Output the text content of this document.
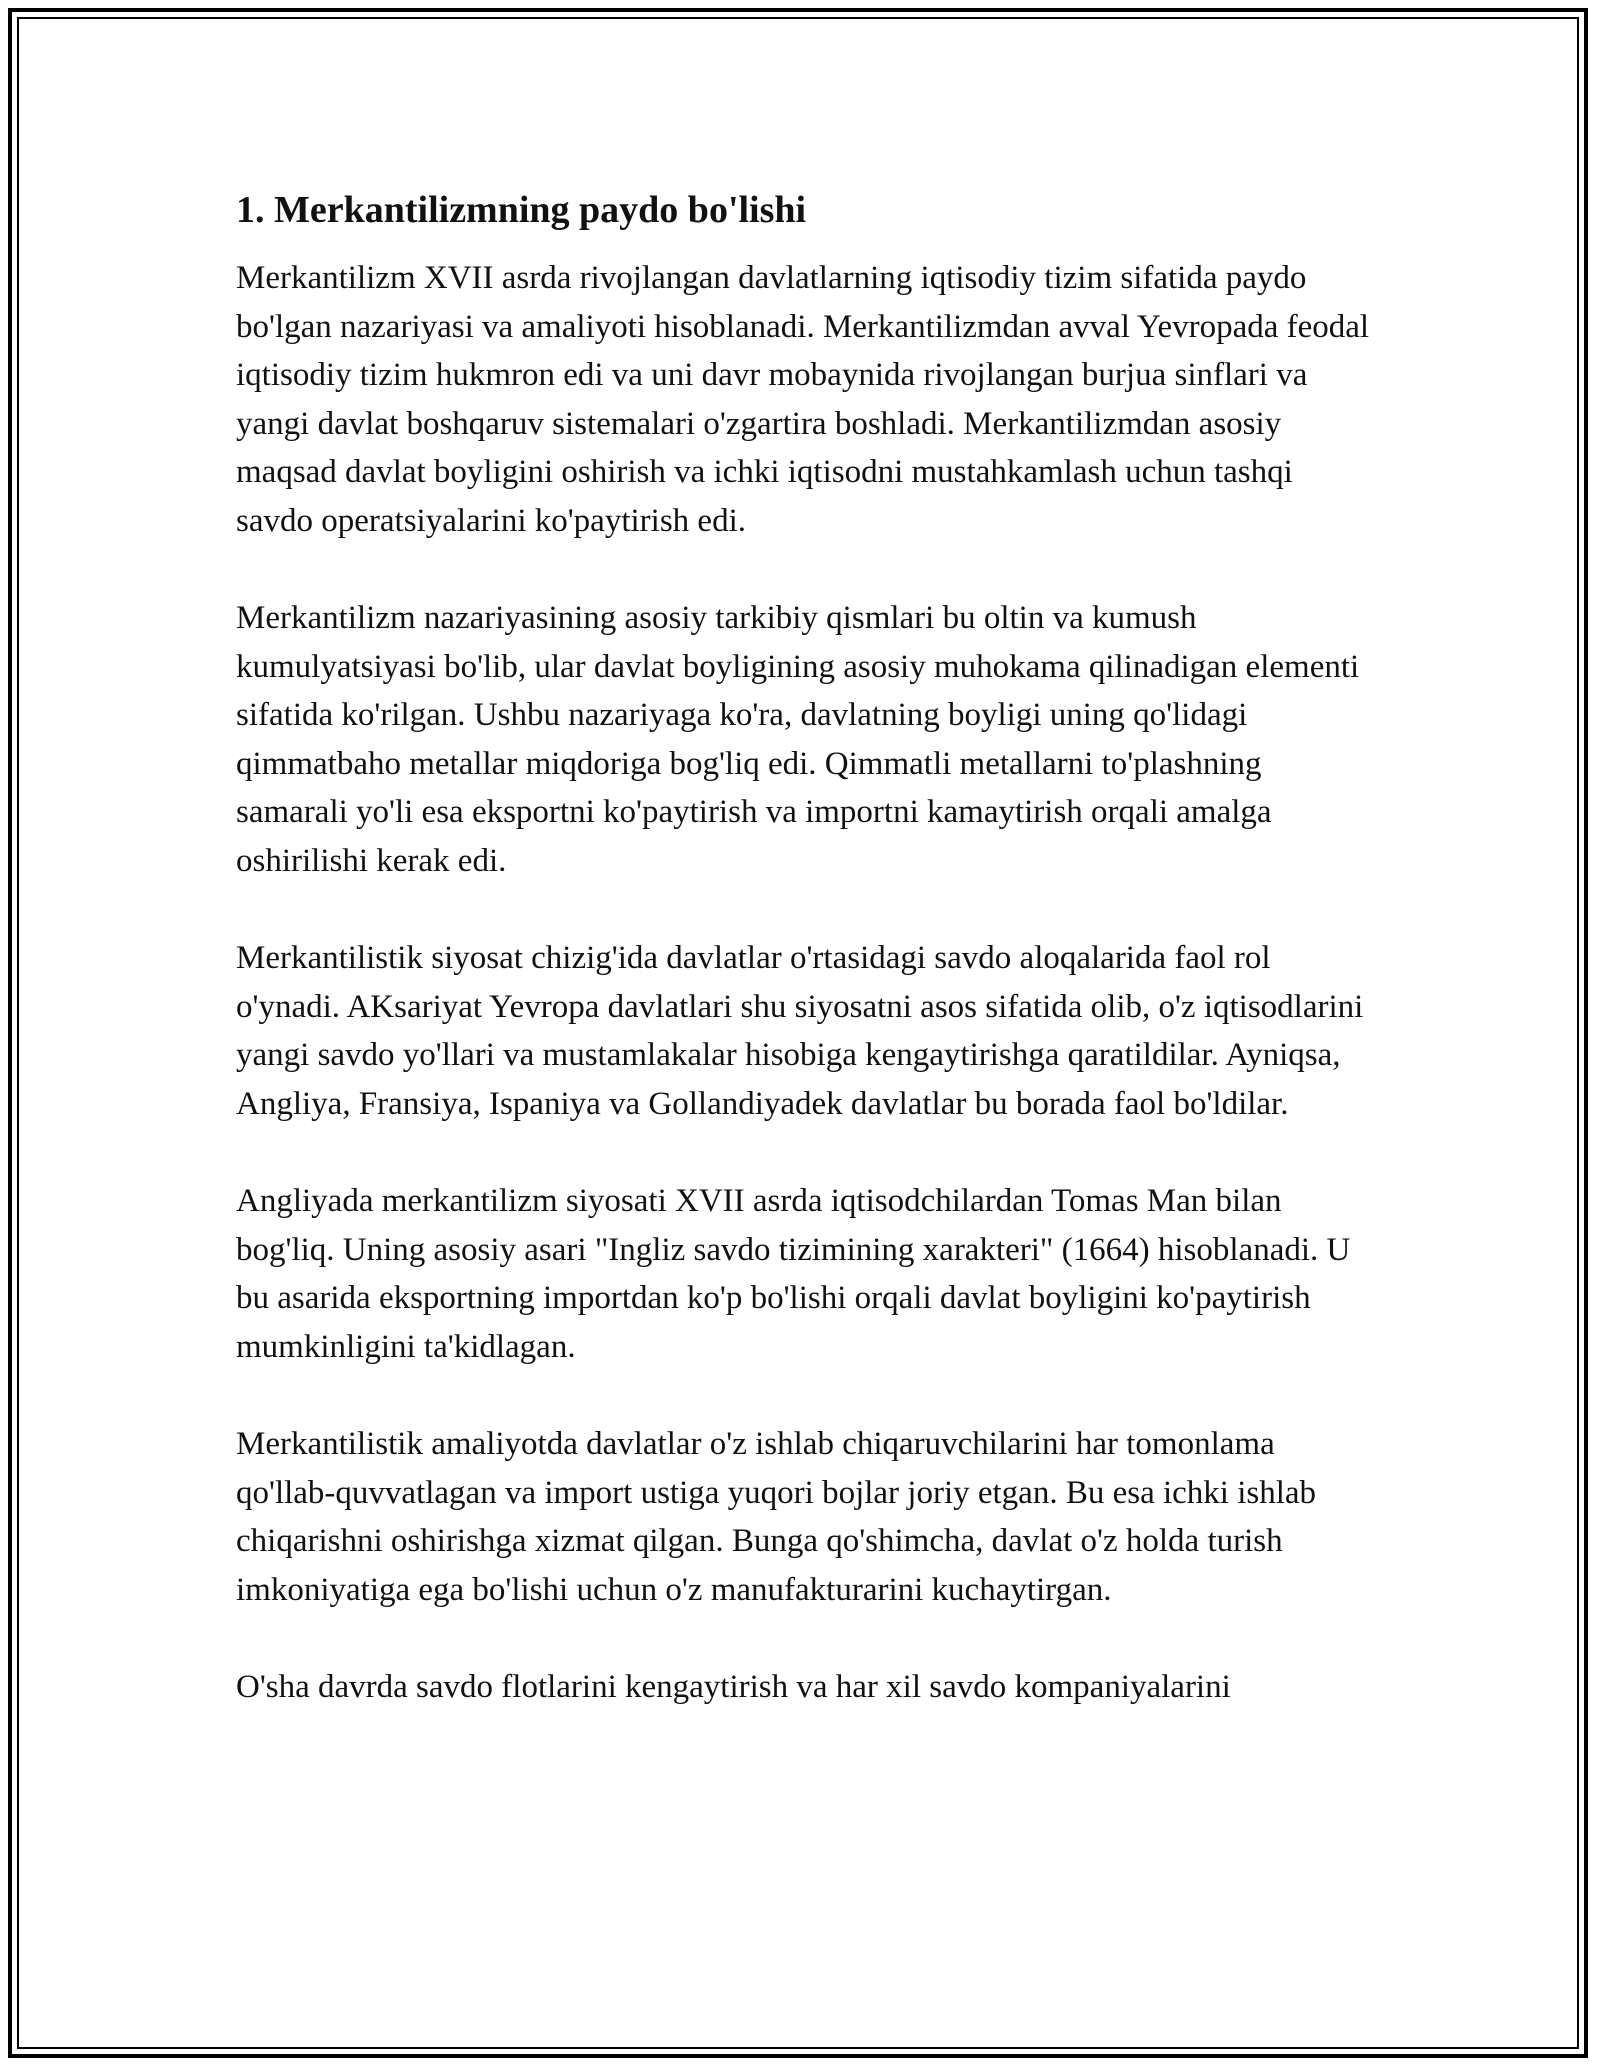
1. Merkantilizmning paydo bo'lishi

Merkantilizm XVII asrda rivojlangan davlatlarning iqtisodiy tizim sifatida paydo bo'lgan nazariyasi va amaliyoti hisoblanadi. Merkantilizmdan avval Yevropada feodal iqtisodiy tizim hukmron edi va uni davr mobaynida rivojlangan burjua sinflari va yangi davlat boshqaruv sistemalari o'zgartira boshladi. Merkantilizmdan asosiy maqsad davlat boyligini oshirish va ichki iqtisodni mustahkamlash uchun tashqi savdo operatsiyalarini ko'paytirish edi.

Merkantilizm nazariyasining asosiy tarkibiy qismlari bu oltin va kumush kumulyatsiyasi bo'lib, ular davlat boyligining asosiy muhokama qilinadigan elementi sifatida ko'rilgan. Ushbu nazariyaga ko'ra, davlatning boyligi uning qo'lidagi qimmatbaho metallar miqdoriga bog'liq edi. Qimmatli metallarni to'plashning samarali yo'li esa eksportni ko'paytirish va importni kamaytirish orqali amalga oshirilishi kerak edi.

Merkantilistik siyosat chizig'ida davlatlar o'rtasidagi savdo aloqalarida faol rol o'ynadi. AKsariyat Yevropa davlatlari shu siyosatni asos sifatida olib, o'z iqtisodlarini yangi savdo yo'llari va mustamlakalar hisobiga kengaytirishga qaratildilar. Ayniqsa, Angliya, Fransiya, Ispaniya va Gollandiyadek davlatlar bu borada faol bo'ldilar.

Angliyada merkantilizm siyosati XVII asrda iqtisodchilardan Tomas Man bilan bog'liq. Uning asosiy asari "Ingliz savdo tizimining xarakteri" (1664) hisoblanadi. U bu asarida eksportning importdan ko'p bo'lishi orqali davlat boyligini ko'paytirish mumkinligini ta'kidlagan.

Merkantilistik amaliyotda davlatlar o'z ishlab chiqaruvchilarini har tomonlama qo'llab-quvvatlagan va import ustiga yuqori bojlar joriy etgan. Bu esa ichki ishlab chiqarishni oshirishga xizmat qilgan. Bunga qo'shimcha, davlat o'z holda turish imkoniyatiga ega bo'lishi uchun o'z manufakturarini kuchaytirgan.

O'sha davrda savdo flotlarini kengaytirish va har xil savdo kompaniyalarini
